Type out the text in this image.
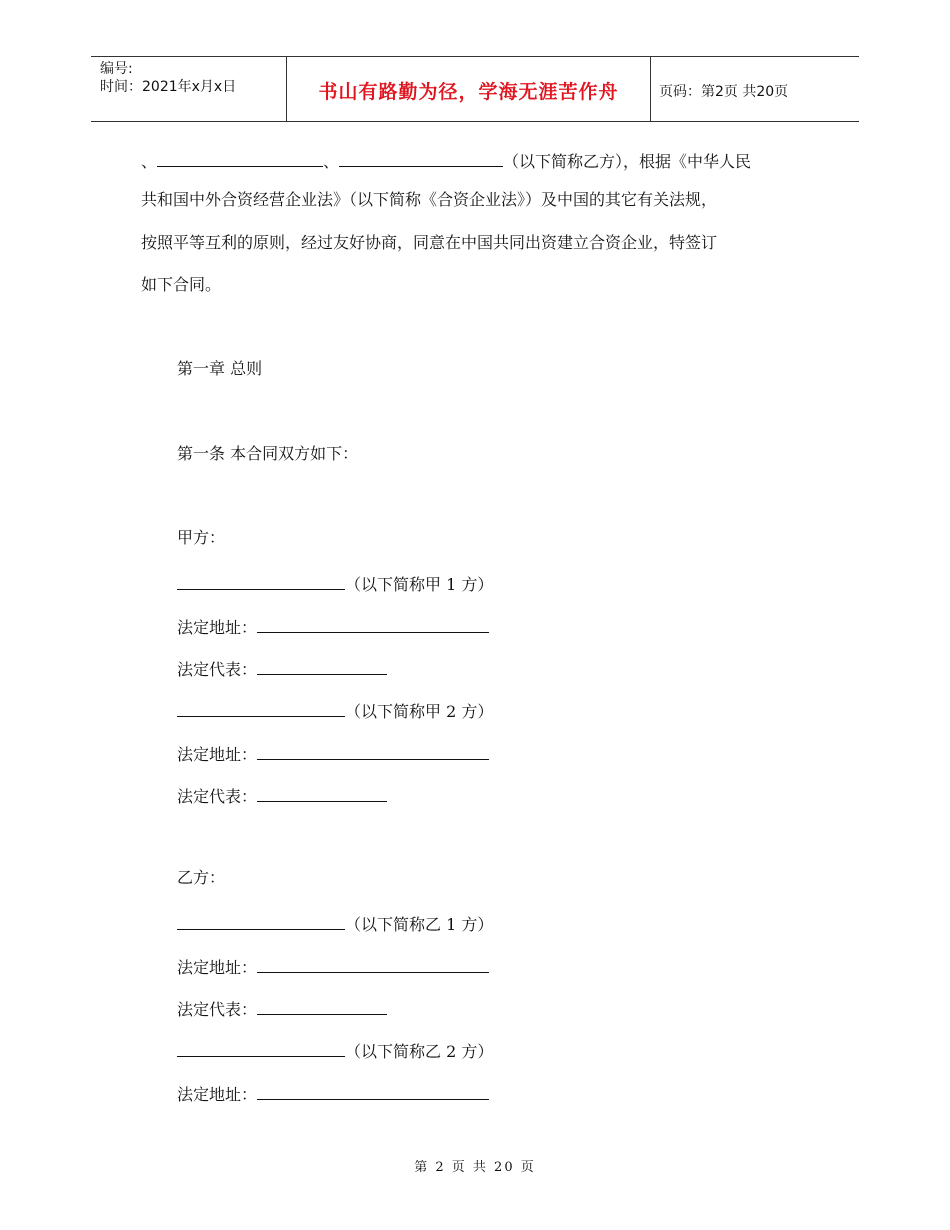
编号:
时间：2021年x月x日	书山有路勤为径，学海无涯苦作舟	页码：第2页 共20页
、	、	（以下简称乙方），根据《中华人民
共和国中外合资经营企业法》（以下简称《合资企业法》）及中国的其它有关法规，
按照平等互利的原则，经过友好协商，同意在中国共同出资建立合资企业，特签订
如下合同。
第一章 总则
第一条 本合同双方如下：
甲方：
（以下简称甲 1 方）
法定地址：
法定代表：
（以下简称甲 2 方）
法定地址：
法定代表：
乙方：
（以下简称乙 1 方）
法定地址：
法定代表：
（以下简称乙 2 方）
法定地址：
第 2 页 共 20 页
